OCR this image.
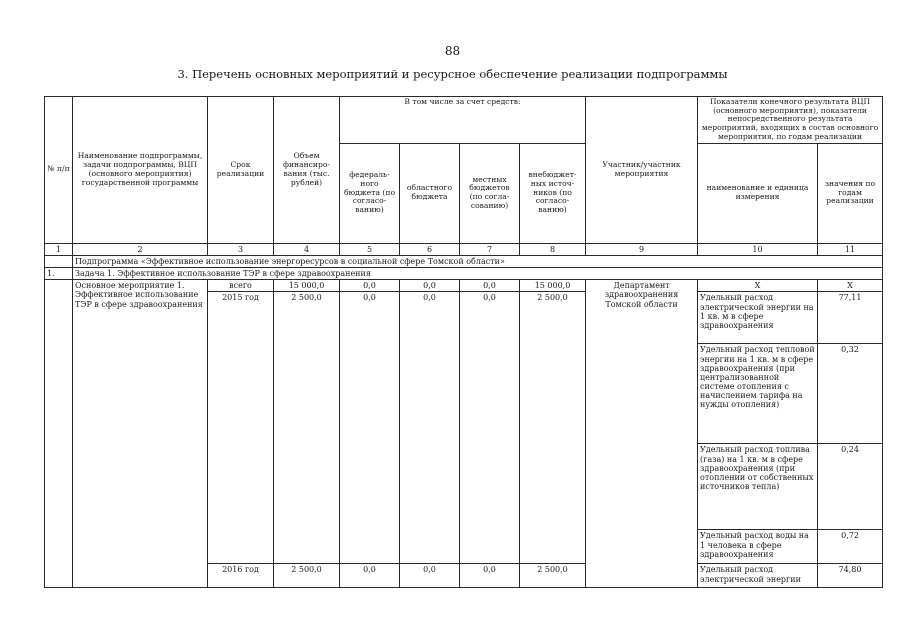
88
3. Перечень основных мероприятий и ресурсное обеспечение реализации подпрограммы
№ п/п	Наименование подпрограммы, задачи подпрограммы, ВЦП (основного мероприятия) государственной программы	Срок реализации	Объем финансиро-вания (тыс. рублей)	В том числе за счет средств:				Участник/участник мероприятия	Показатели конечного результата ВЦП (основного мероприятия), показатели непосредственного результата мероприятий, входящих в состав основного мероприятия, по годам реализации	
				федераль-ного бюджета (по согласо-ванию)	областного бюджета	местных бюджетов (по согла-сованию)	внебюджет-ных источ-ников (по согласо-ванию)		наименование и единица измерения	значения по годам реализации
1	2	3	4	5	6	7	8	9	10	11
	Подпрограмма «Эффективное использование энергоресурсов в социальной сфере Томской области»									
1.	Задача 1. Эффективное использование ТЭР в сфере здравоохранения									
	Основное мероприятие 1. Эффективное использование ТЭР в сфере здравоохранения	всего	15 000,0	0,0	0,0	0,0	15 000,0	Департамент здравоохранения Томской области	Х	Х
		2015 год	2 500,0	0,0	0,0	0,0	2 500,0		Удельный расход электрической энергии на 1 кв. м в сфере здравоохранения	77,11
									Удельный расход тепловой энергии на 1 кв. м в сфере здравоохранения (при централизованной системе отопления с начислением тарифа на нужды отопления)	0,32
									Удельный расход топлива (газа) на 1 кв. м в сфере здравоохранения (при отоплении от собственных источников тепла)	0,24
									Удельный расход воды на 1 человека в сфере здравоохранения	0,72
		2016 год	2 500,0	0,0	0,0	0,0	2 500,0		Удельный расход электрической энергии	74,80
